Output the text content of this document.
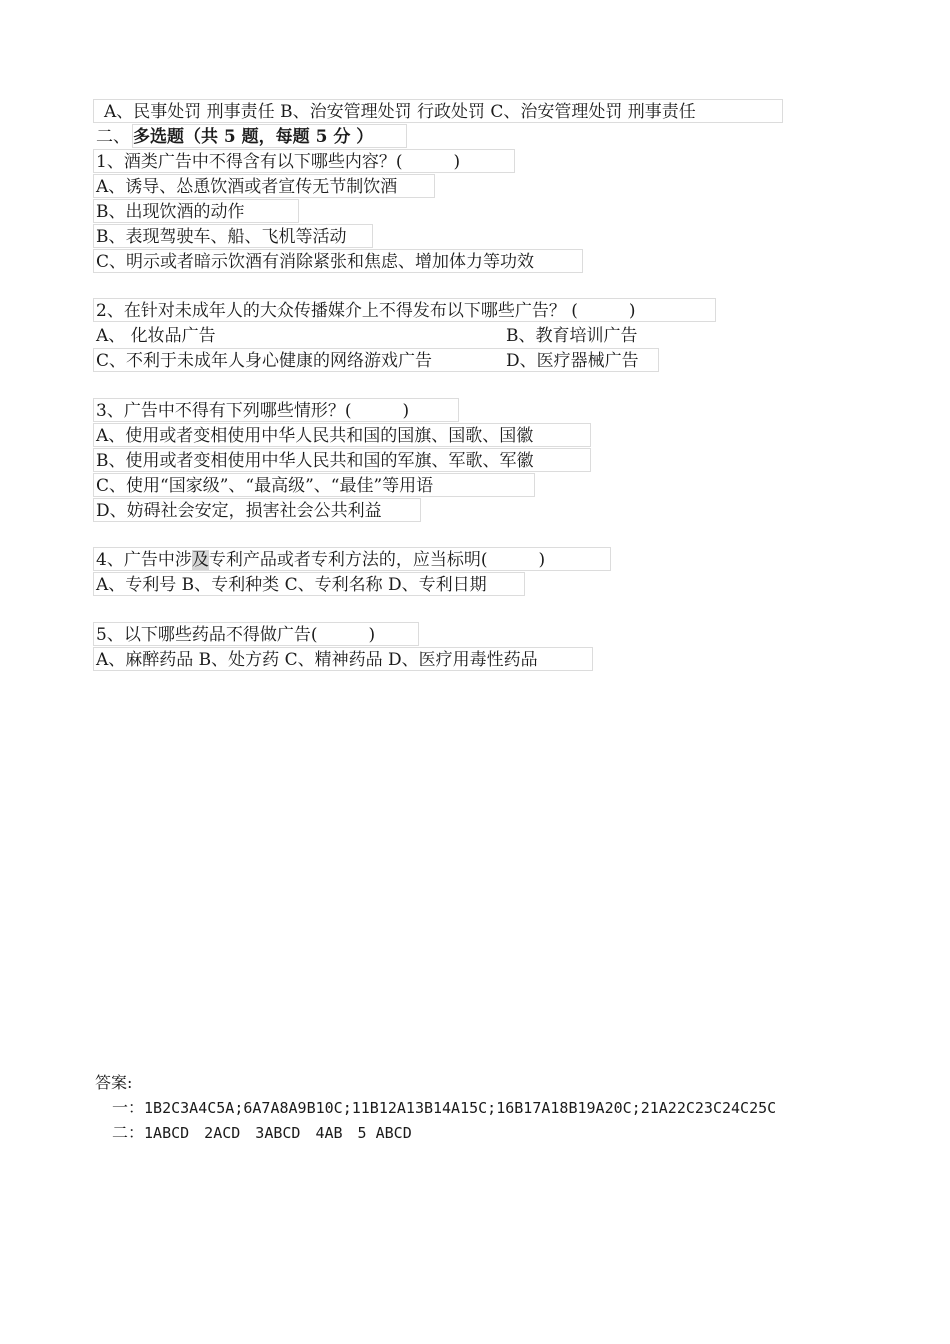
A、民事处罚 刑事责任 B、治安管理处罚 行政处罚 C、治安管理处罚 刑事责任
二、 多选题（共 5 题，每题 5 分 ）
1、酒类广告中不得含有以下哪些内容？(　　　)
A、诱导、怂恿饮酒或者宣传无节制饮酒
B、出现饮酒的动作
B、表现驾驶车、船、飞机等活动
C、明示或者暗示饮酒有消除紧张和焦虑、增加体力等功效
2、在针对未成年人的大众传播媒介上不得发布以下哪些广告？ (　　　)
A、 化妆品广告	B、教育培训广告
C、不利于未成年人身心健康的网络游戏广告	D、医疗器械广告
3、广告中不得有下列哪些情形？(　　　)
A、使用或者变相使用中华人民共和国的国旗、国歌、国徽
B、使用或者变相使用中华人民共和国的军旗、军歌、军徽
C、使用“国家级”、“最高级”、“最佳”等用语
D、妨碍社会安定，损害社会公共利益
4、广告中涉及专利产品或者专利方法的，应当标明(　　　)
A、专利号 B、专利种类 C、专利名称 D、专利日期
5、以下哪些药品不得做广告(　　　)
A、麻醉药品 B、处方药 C、精神药品 D、医疗用毒性药品
答案:
一：1B2C3A4C5A;6A7A8A9B10C;11B12A13B14A15C;16B17A18B19A20C;21A22C23C24C25C
二：1ABCD　2ACD　3ABCD　4AB　5 ABCD
